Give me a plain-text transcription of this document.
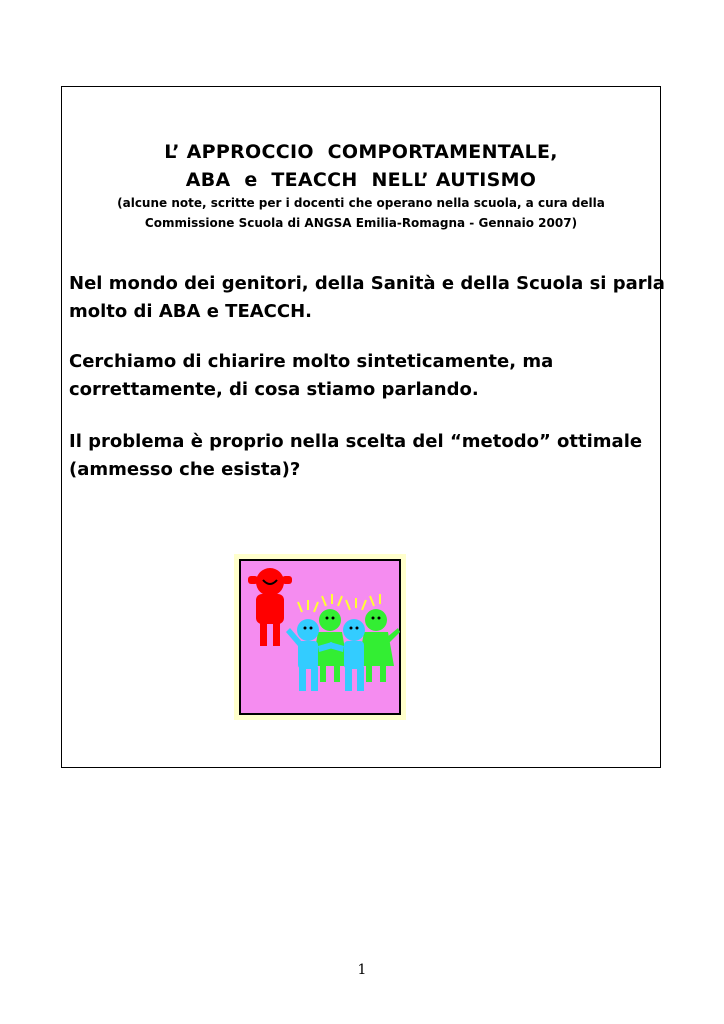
L’ APPROCCIO  COMPORTAMENTALE,
ABA  e  TEACCH  NELL’ AUTISMO
(alcune note, scritte per i docenti che operano nella scuola, a cura della
Commissione Scuola di ANGSA Emilia-Romagna - Gennaio 2007)
Nel mondo dei genitori, della Sanità e della Scuola si parla
molto di ABA e TEACCH.
Cerchiamo di chiarire molto sinteticamente, ma
correttamente, di cosa stiamo parlando.
Il problema è proprio nella scelta del “metodo” ottimale
(ammesso che esista)?
1
